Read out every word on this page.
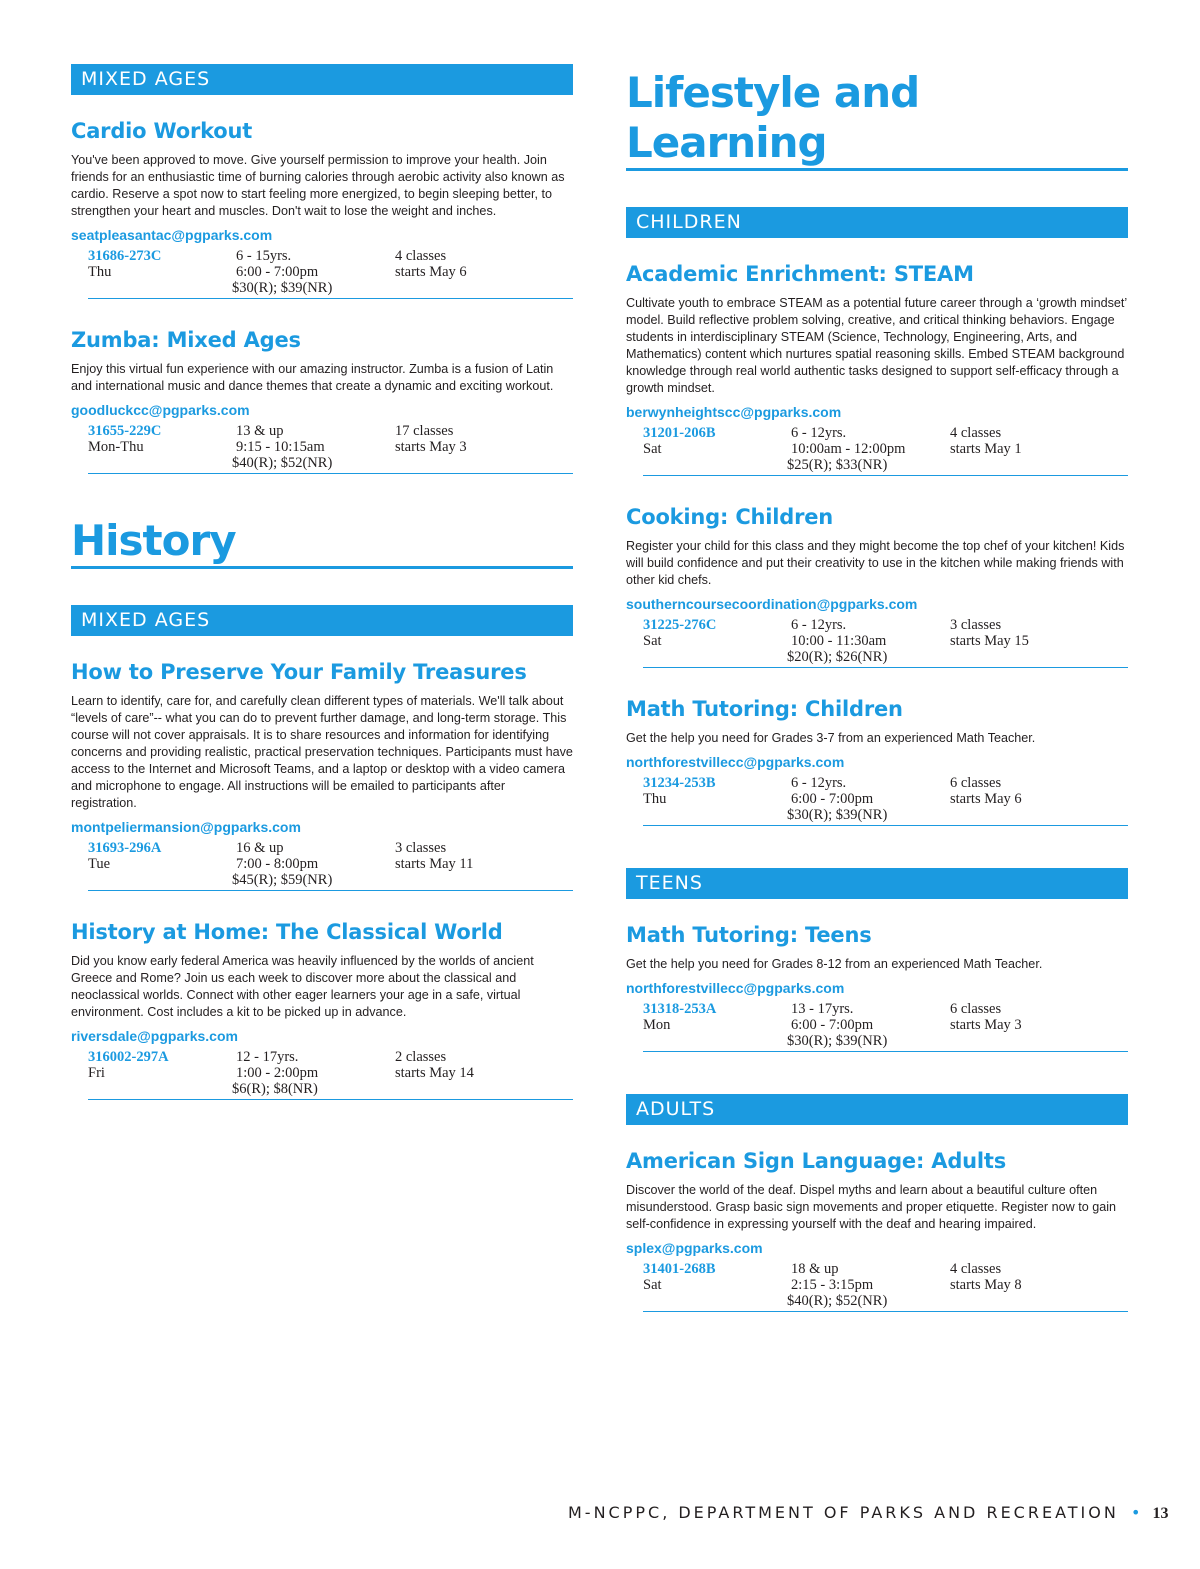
MIXED AGES
Cardio Workout
You've been approved to move. Give yourself permission to improve your health. Join friends for an enthusiastic time of burning calories through aerobic activity also known as cardio. Reserve a spot now to start feeling more energized, to begin sleeping better, to strengthen your heart and muscles. Don't wait to lose the weight and inches.
seatpleasantac@pgparks.com
31686-273C
Thu
6 - 15yrs.
6:00 - 7:00pm
$30(R); $39(NR)
4 classes
starts May 6
Zumba: Mixed Ages
Enjoy this virtual fun experience with our amazing instructor. Zumba is a fusion of Latin and international music and dance themes that create a dynamic and exciting workout.
goodluckcc@pgparks.com
31655-229C
Mon-Thu
13 & up
9:15 - 10:15am
$40(R); $52(NR)
17 classes
starts May 3
History
MIXED AGES
How to Preserve Your Family Treasures
Learn to identify, care for, and carefully clean different types of materials. We'll talk about “levels of care”-- what you can do to prevent further damage, and long-term storage. This course will not cover appraisals. It is to share resources and information for identifying concerns and providing realistic, practical preservation techniques. Participants must have access to the Internet and Microsoft Teams, and a laptop or desktop with a video camera and microphone to engage. All instructions will be emailed to participants after registration.
montpeliermansion@pgparks.com
31693-296A
Tue
16 & up
7:00 - 8:00pm
$45(R); $59(NR)
3 classes
starts May 11
History at Home: The Classical World
Did you know early federal America was heavily influenced by the worlds of ancient Greece and Rome? Join us each week to discover more about the classical and neoclassical worlds. Connect with other eager learners your age in a safe, virtual environment. Cost includes a kit to be picked up in advance.
riversdale@pgparks.com
316002-297A
Fri
12 - 17yrs.
1:00 - 2:00pm
$6(R); $8(NR)
2 classes
starts May 14
Lifestyle and Learning
CHILDREN
Academic Enrichment: STEAM
Cultivate youth to embrace STEAM as a potential future career through a ‘growth mindset’ model. Build reflective problem solving, creative, and critical thinking behaviors. Engage students in interdisciplinary STEAM (Science, Technology, Engineering, Arts, and Mathematics) content which nurtures spatial reasoning skills. Embed STEAM background knowledge through real world authentic tasks designed to support self-efficacy through a growth mindset.
berwynheightscc@pgparks.com
31201-206B
Sat
6 - 12yrs.
10:00am - 12:00pm
$25(R); $33(NR)
4 classes
starts May 1
Cooking: Children
Register your child for this class and they might become the top chef of your kitchen! Kids will build confidence and put their creativity to use in the kitchen while making friends with other kid chefs.
southerncoursecoordination@pgparks.com
31225-276C
Sat
6 - 12yrs.
10:00 - 11:30am
$20(R); $26(NR)
3 classes
starts May 15
Math Tutoring: Children
Get the help you need for Grades 3-7 from an experienced Math Teacher.
northforestvillecc@pgparks.com
31234-253B
Thu
6 - 12yrs.
6:00 - 7:00pm
$30(R); $39(NR)
6 classes
starts May 6
TEENS
Math Tutoring: Teens
Get the help you need for Grades 8-12 from an experienced Math Teacher.
northforestvillecc@pgparks.com
31318-253A
Mon
13 - 17yrs.
6:00 - 7:00pm
$30(R); $39(NR)
6 classes
starts May 3
ADULTS
American Sign Language: Adults
Discover the world of the deaf. Dispel myths and learn about a beautiful culture often misunderstood. Grasp basic sign movements and proper etiquette. Register now to gain self-confidence in expressing yourself with the deaf and hearing impaired.
splex@pgparks.com
31401-268B
Sat
18 & up
2:15 - 3:15pm
$40(R); $52(NR)
4 classes
starts May 8
M-NCPPC, DEPARTMENT OF PARKS AND RECREATION • 13
